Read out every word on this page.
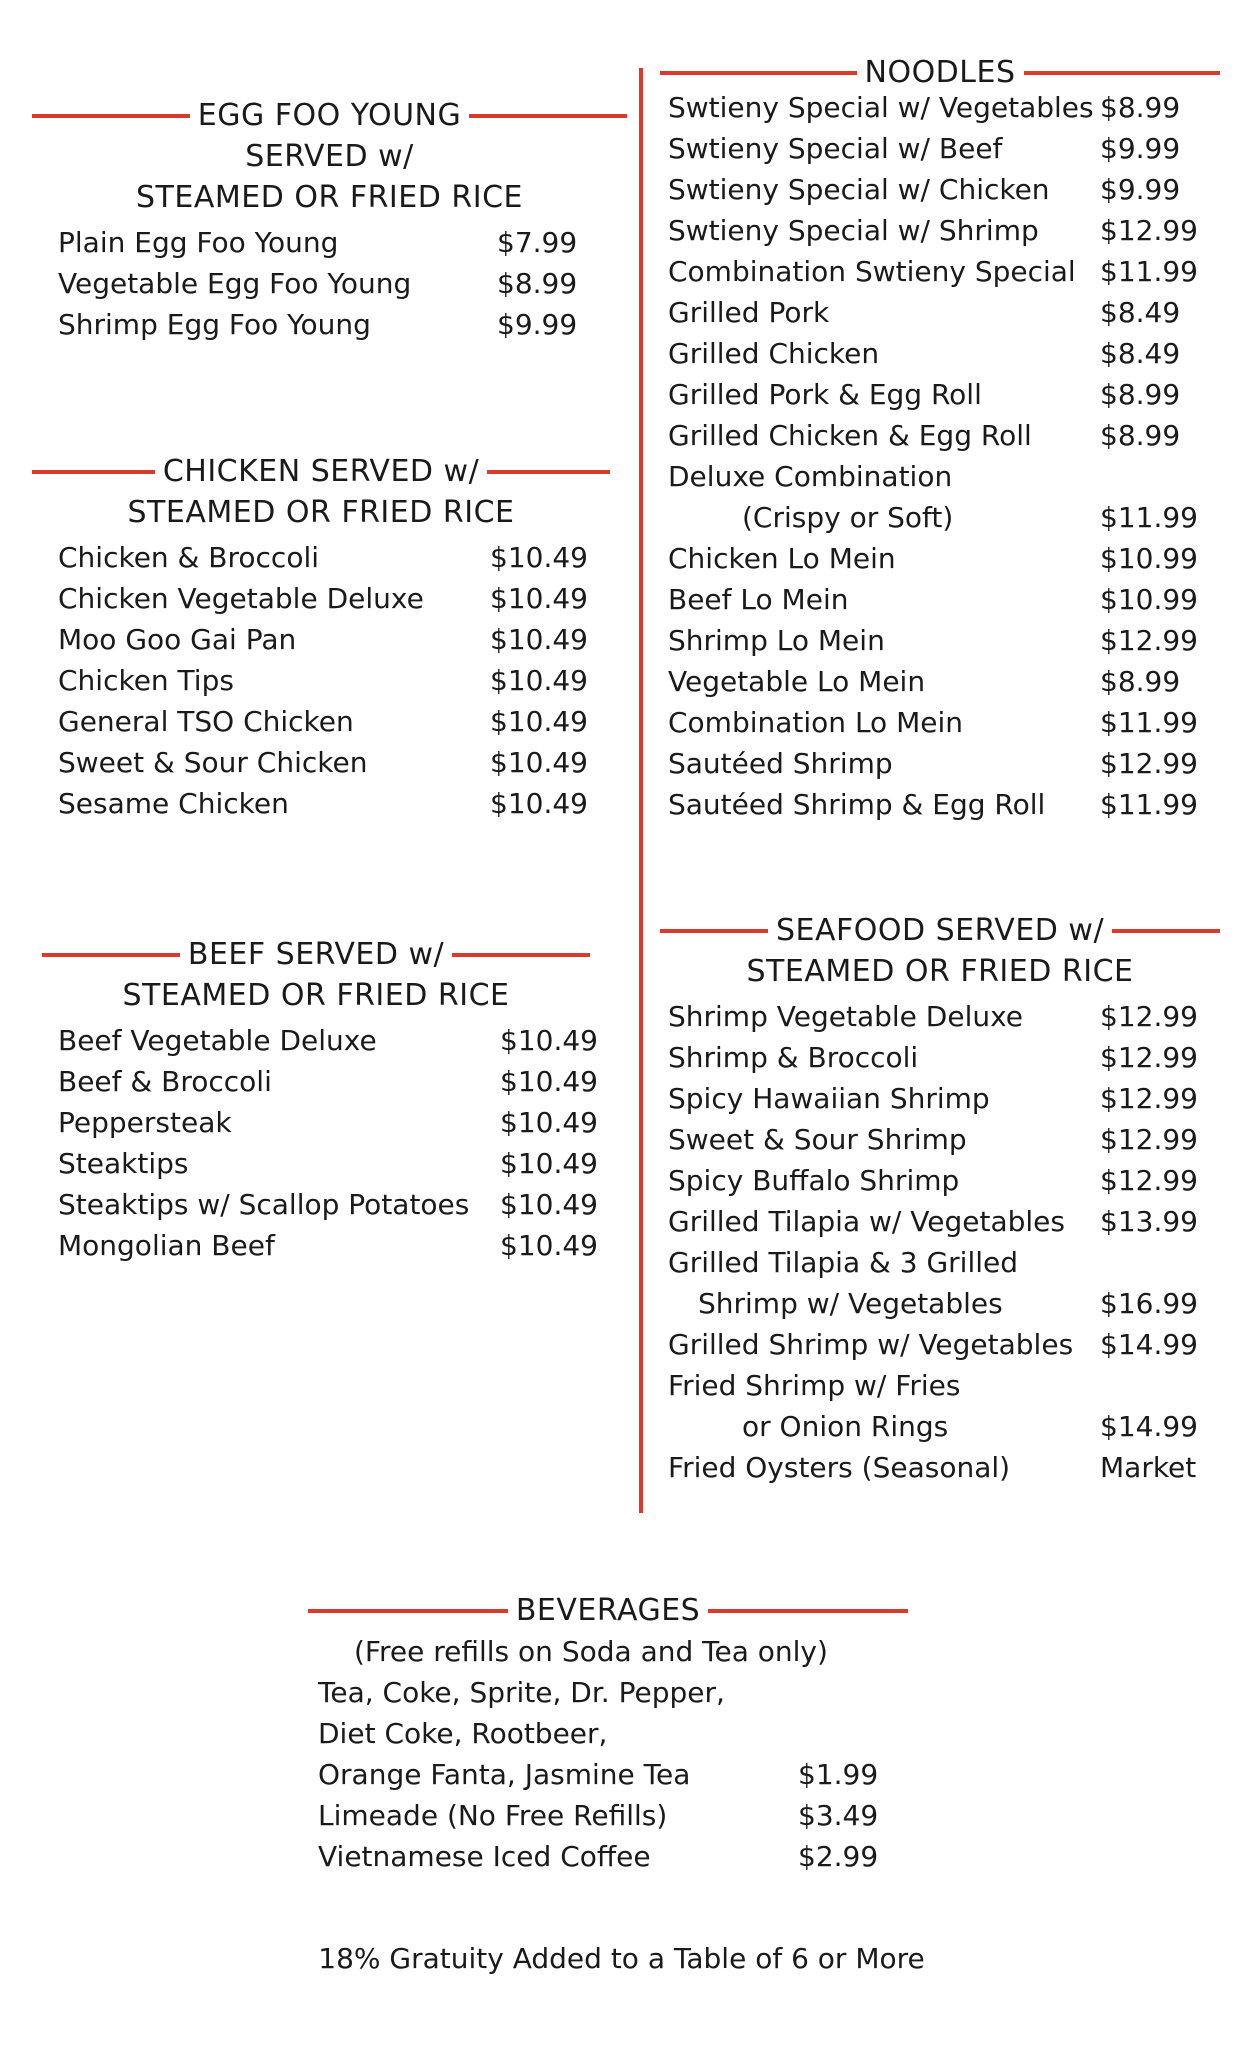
EGG FOO YOUNG
SERVED w/
STEAMED OR FRIED RICE
Plain Egg Foo Young	$7.99
Vegetable Egg Foo Young	$8.99
Shrimp Egg Foo Young	$9.99
CHICKEN SERVED w/
STEAMED OR FRIED RICE
Chicken & Broccoli	$10.49
Chicken Vegetable Deluxe	$10.49
Moo Goo Gai Pan	$10.49
Chicken Tips	$10.49
General TSO Chicken	$10.49
Sweet & Sour Chicken	$10.49
Sesame Chicken	$10.49
BEEF SERVED w/
STEAMED OR FRIED RICE
Beef Vegetable Deluxe	$10.49
Beef & Broccoli	$10.49
Peppersteak	$10.49
Steaktips	$10.49
Steaktips w/ Scallop Potatoes	$10.49
Mongolian Beef	$10.49
NOODLES
Swtieny Special w/ Vegetables $8.99
Swtieny Special w/ Beef	$9.99
Swtieny Special w/ Chicken	$9.99
Swtieny Special w/ Shrimp	$12.99
Combination Swtieny Special $11.99
Grilled Pork	$8.49
Grilled Chicken	$8.49
Grilled Pork & Egg Roll	$8.99
Grilled Chicken & Egg Roll	$8.99
Deluxe Combination
(Crispy or Soft)	$11.99
Chicken Lo Mein	$10.99
Beef Lo Mein	$10.99
Shrimp Lo Mein	$12.99
Vegetable Lo Mein	$8.99
Combination Lo Mein	$11.99
Sautéed Shrimp	$12.99
Sautéed Shrimp & Egg Roll	$11.99
SEAFOOD SERVED w/
STEAMED OR FRIED RICE
Shrimp Vegetable Deluxe	$12.99
Shrimp & Broccoli	$12.99
Spicy Hawaiian Shrimp	$12.99
Sweet & Sour Shrimp	$12.99
Spicy Buffalo Shrimp	$12.99
Grilled Tilapia w/ Vegetables	$13.99
Grilled Tilapia & 3 Grilled
Shrimp w/ Vegetables	$16.99
Grilled Shrimp w/ Vegetables $14.99
Fried Shrimp w/ Fries
or Onion Rings	$14.99
Fried Oysters (Seasonal)	Market
BEVERAGES
(Free refills on Soda and Tea only)
Tea, Coke, Sprite, Dr. Pepper,
Diet Coke, Rootbeer,
Orange Fanta, Jasmine Tea	$1.99
Limeade (No Free Refills)	$3.49
Vietnamese Iced Coffee	$2.99
18% Gratuity Added to a Table of 6 or More
